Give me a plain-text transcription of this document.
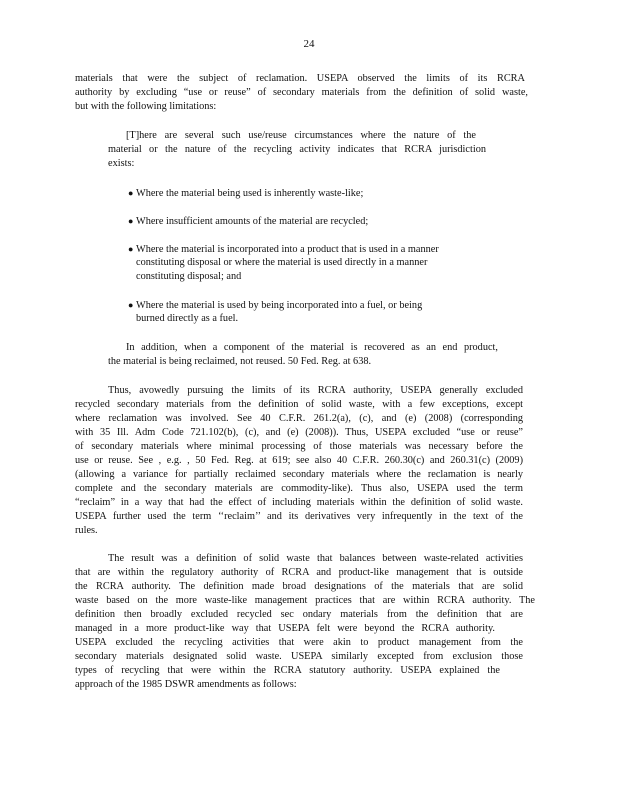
24
materials that were the subject of reclamation. USEPA observed the limits of its RCRA
authority by excluding “use or reuse” of secondary materials from the definition of solid waste,
but with the following limitations:
[T]here are several such use/reuse circumstances where the nature of the
material or the nature of the recycling activity indicates that RCRA jurisdiction
exists:
● Where the material being used is inherently waste-like;
● Where insufficient amounts of the material are recycled;
● Where the material is incorporated into a product that is used in a manner
constituting disposal or where the material is used directly in a manner
constituting disposal; and
● Where the material is used by being incorporated into a fuel, or being
burned directly as a fuel.
In addition, when a component of the material is recovered as an end product,
the material is being reclaimed, not reused. 50 Fed. Reg. at 638.
Thus, avowedly pursuing the limits of its RCRA authority, USEPA generally excluded
recycled secondary materials from the definition of solid waste, with a few exceptions, except
where reclamation was involved. See 40 C.F.R. 261.2(a), (c), and (e) (2008) (corresponding
with 35 Ill. Adm Code 721.102(b), (c), and (e) (2008)). Thus, USEPA excluded “use or reuse”
of secondary materials where minimal processing of those materials was necessary before the
use or reuse. See , e.g. , 50 Fed. Reg. at 619; see also 40 C.F.R. 260.30(c) and 260.31(c) (2009)
(allowing a variance for partially reclaimed secondary materials where the reclamation is nearly
complete and the secondary materials are commodity-like). Thus also, USEPA used the term
“reclaim” in a way that had the effect of including materials within the definition of solid waste.
USEPA further used the term ‘‘reclaim’’ and its derivatives very infrequently in the text of the
rules.
The result was a definition of solid waste that balances between waste-related activities
that are within the regulatory authority of RCRA and product-like management that is outside
the RCRA authority. The definition made broad designations of the materials that are solid
waste based on the more waste-like management practices that are within RCRA authority. The
definition then broadly excluded recycled sec ondary materials from the definition that are
managed in a more product-like way that USEPA felt were beyond the RCRA authority.
USEPA excluded the recycling activities that were akin to product management from the
secondary materials designated solid waste. USEPA similarly excepted from exclusion those
types of recycling that were within the RCRA statutory authority. USEPA explained the
approach of the 1985 DSWR amendments as follows:
